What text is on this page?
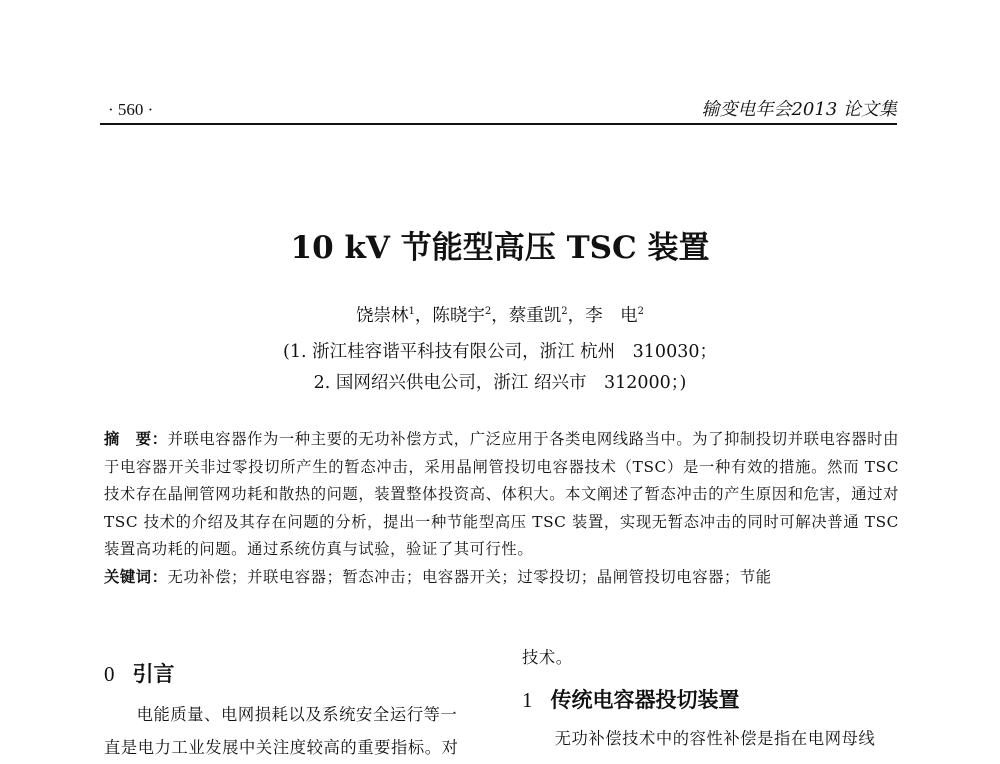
· 560 ·	输变电年会2013 论文集
10 kV 节能型高压 TSC 装置
饶崇林$^1$，陈晓宇$^2$，蔡重凯$^2$，李　电$^2$
(1. 浙江桂容谐平科技有限公司，浙江 杭州　310030；
2. 国网绍兴供电公司，浙江 绍兴市　312000；)

摘　要：并联电容器作为一种主要的无功补偿方式，广泛应用于各类电网线路当中。为了抑制投切并联电容器时由于电容器开关非过零投切所产生的暂态冲击，采用晶闸管投切电容器技术（TSC）是一种有效的措施。然而 TSC 技术存在晶闸管网功耗和散热的问题，装置整体投资高、体积大。本文阐述了暂态冲击的产生原因和危害，通过对 TSC 技术的介绍及其存在问题的分析，提出一种节能型高压 TSC 装置，实现无暂态冲击的同时可解决普通 TSC 装置高功耗的问题。通过系统仿真与试验，验证了其可行性。

关键词：无功补偿；并联电容器；暂态冲击；电容器开关；过零投切；晶闸管投切电容器；节能

0 引言
电能质量、电网损耗以及系统安全运行等一
直是电力工业发展中关注度较高的重要指标。对
技术。
1 传统电容器投切装置
无功补偿技术中的容性补偿是指在电网母线
